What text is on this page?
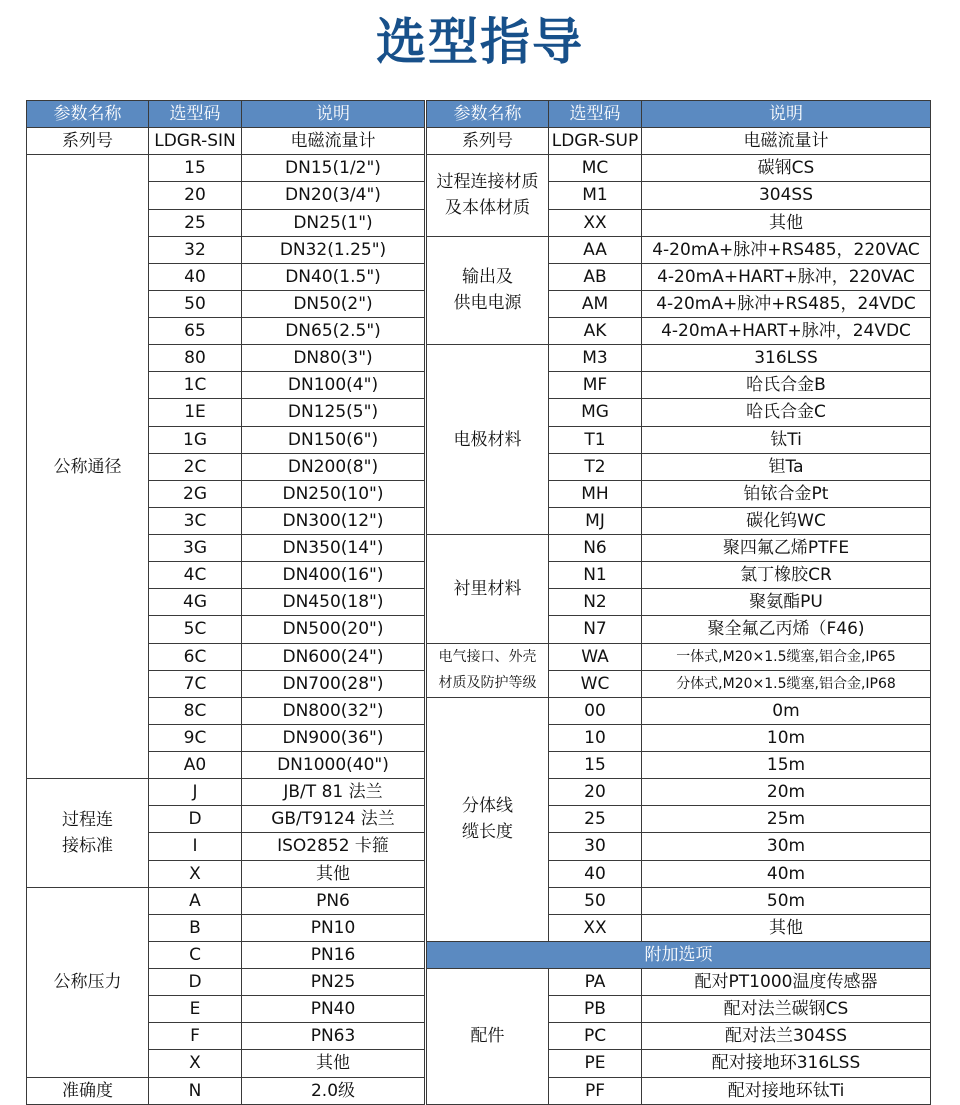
选型指导
参数名称	选型码	说明
系列号	LDGR-SIN	电磁流量计
公称通径	15	DN15(1/2")
	20	DN20(3/4")
	25	DN25(1")
	32	DN32(1.25")
	40	DN40(1.5")
	50	DN50(2")
	65	DN65(2.5")
	80	DN80(3")
	1C	DN100(4")
	1E	DN125(5")
	1G	DN150(6")
	2C	DN200(8")
	2G	DN250(10")
	3C	DN300(12")
	3G	DN350(14")
	4C	DN400(16")
	4G	DN450(18")
	5C	DN500(20")
	6C	DN600(24")
	7C	DN700(28")
	8C	DN800(32")
	9C	DN900(36")
	A0	DN1000(40")
过程连
接标准	J	JB/T 81 法兰
	D	GB/T9124 法兰
	I	ISO2852 卡箍
	X	其他
公称压力	A	PN6
	B	PN10
	C	PN16
	D	PN25
	E	PN40
	F	PN63
	X	其他
准确度	N	2.0级
参数名称	选型码	说明
系列号	LDGR-SUP	电磁流量计
过程连接材质
及本体材质	MC	碳钢CS
	M1	304SS
	XX	其他
输出及
供电电源	AA	4-20mA+脉冲+RS485，220VAC
	AB	4-20mA+HART+脉冲，220VAC
	AM	4-20mA+脉冲+RS485，24VDC
	AK	4-20mA+HART+脉冲，24VDC
电极材料	M3	316LSS
	MF	哈氏合金B
	MG	哈氏合金C
	T1	钛Ti
	T2	钽Ta
	MH	铂铱合金Pt
	MJ	碳化钨WC
衬里材料	N6	聚四氟乙烯PTFE
	N1	氯丁橡胶CR
	N2	聚氨酯PU
	N7	聚全氟乙丙烯（F46)
电气接口、外壳
材质及防护等级	WA	一体式,M20×1.5缆塞,铝合金,IP65
	WC	分体式,M20×1.5缆塞,铝合金,IP68
分体线
缆长度	00	0m
	10	10m
	15	15m
	20	20m
	25	25m
	30	30m
	40	40m
	50	50m
	XX	其他
附加选项		
配件	PA	配对PT1000温度传感器
	PB	配对法兰碳钢CS
	PC	配对法兰304SS
	PE	配对接地环316LSS
	PF	配对接地环钛Ti
